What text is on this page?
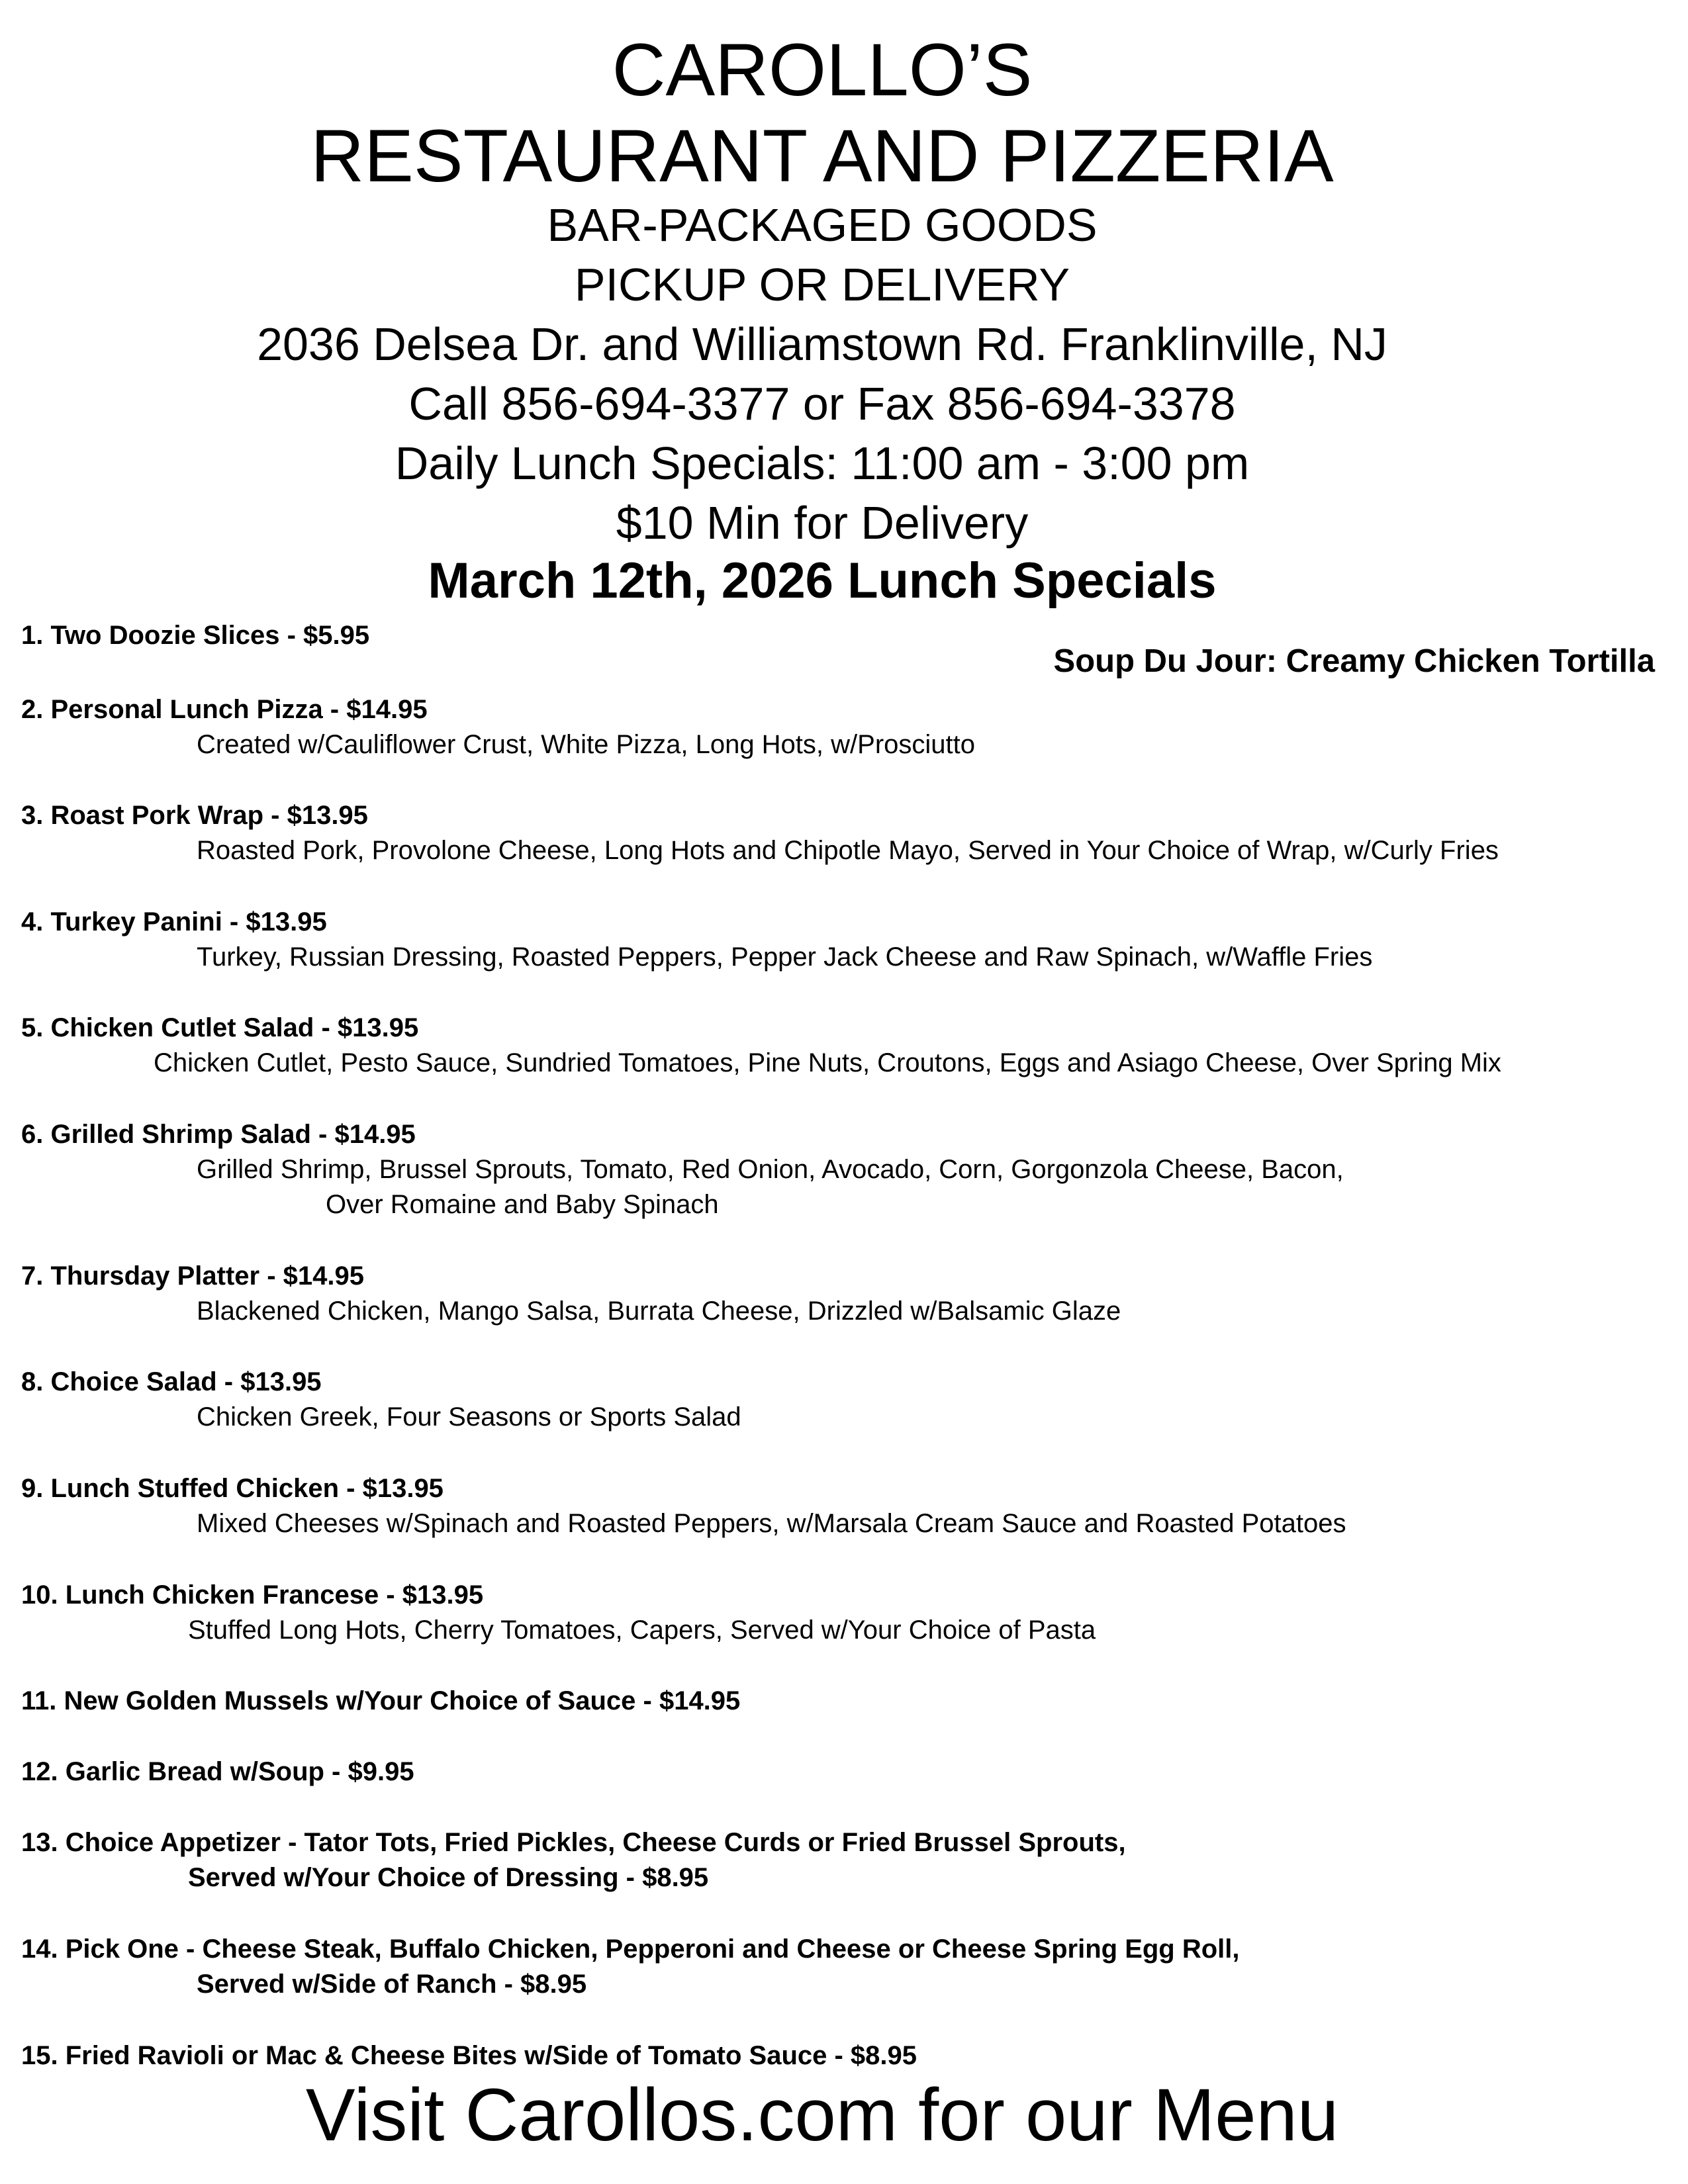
CAROLLO’S
RESTAURANT AND PIZZERIA
BAR-PACKAGED GOODS
PICKUP OR DELIVERY
2036 Delsea Dr. and Williamstown Rd. Franklinville, NJ
Call 856-694-3377 or Fax 856-694-3378
Daily Lunch Specials: 11:00 am - 3:00 pm
$10 Min for Delivery
March 12th, 2026 Lunch Specials
Soup Du Jour: Creamy Chicken Tortilla
1. Two Doozie Slices - $5.95
2. Personal Lunch Pizza - $14.95
Created w/Cauliflower Crust, White Pizza, Long Hots, w/Prosciutto
3. Roast Pork Wrap - $13.95
Roasted Pork, Provolone Cheese, Long Hots and Chipotle Mayo, Served in Your Choice of Wrap, w/Curly Fries
4. Turkey Panini - $13.95
Turkey, Russian Dressing, Roasted Peppers, Pepper Jack Cheese and Raw Spinach, w/Waffle Fries
5. Chicken Cutlet Salad - $13.95
Chicken Cutlet, Pesto Sauce, Sundried Tomatoes, Pine Nuts, Croutons, Eggs and Asiago Cheese, Over Spring Mix
6. Grilled Shrimp Salad - $14.95
Grilled Shrimp, Brussel Sprouts, Tomato, Red Onion, Avocado, Corn, Gorgonzola Cheese, Bacon,
Over Romaine and Baby Spinach
7. Thursday Platter - $14.95
Blackened Chicken, Mango Salsa, Burrata Cheese, Drizzled w/Balsamic Glaze
8. Choice Salad - $13.95
Chicken Greek, Four Seasons or Sports Salad
9. Lunch Stuffed Chicken - $13.95
Mixed Cheeses w/Spinach and Roasted Peppers, w/Marsala Cream Sauce and Roasted Potatoes
10. Lunch Chicken Francese - $13.95
Stuffed Long Hots, Cherry Tomatoes, Capers, Served w/Your Choice of Pasta
11. New Golden Mussels w/Your Choice of Sauce - $14.95
12. Garlic Bread w/Soup - $9.95
13. Choice Appetizer - Tator Tots, Fried Pickles, Cheese Curds or Fried Brussel Sprouts,
Served w/Your Choice of Dressing - $8.95
14. Pick One - Cheese Steak, Buffalo Chicken, Pepperoni and Cheese or Cheese Spring Egg Roll,
Served w/Side of Ranch - $8.95
15. Fried Ravioli or Mac & Cheese Bites w/Side of Tomato Sauce - $8.95
Visit Carollos.com for our Menu
